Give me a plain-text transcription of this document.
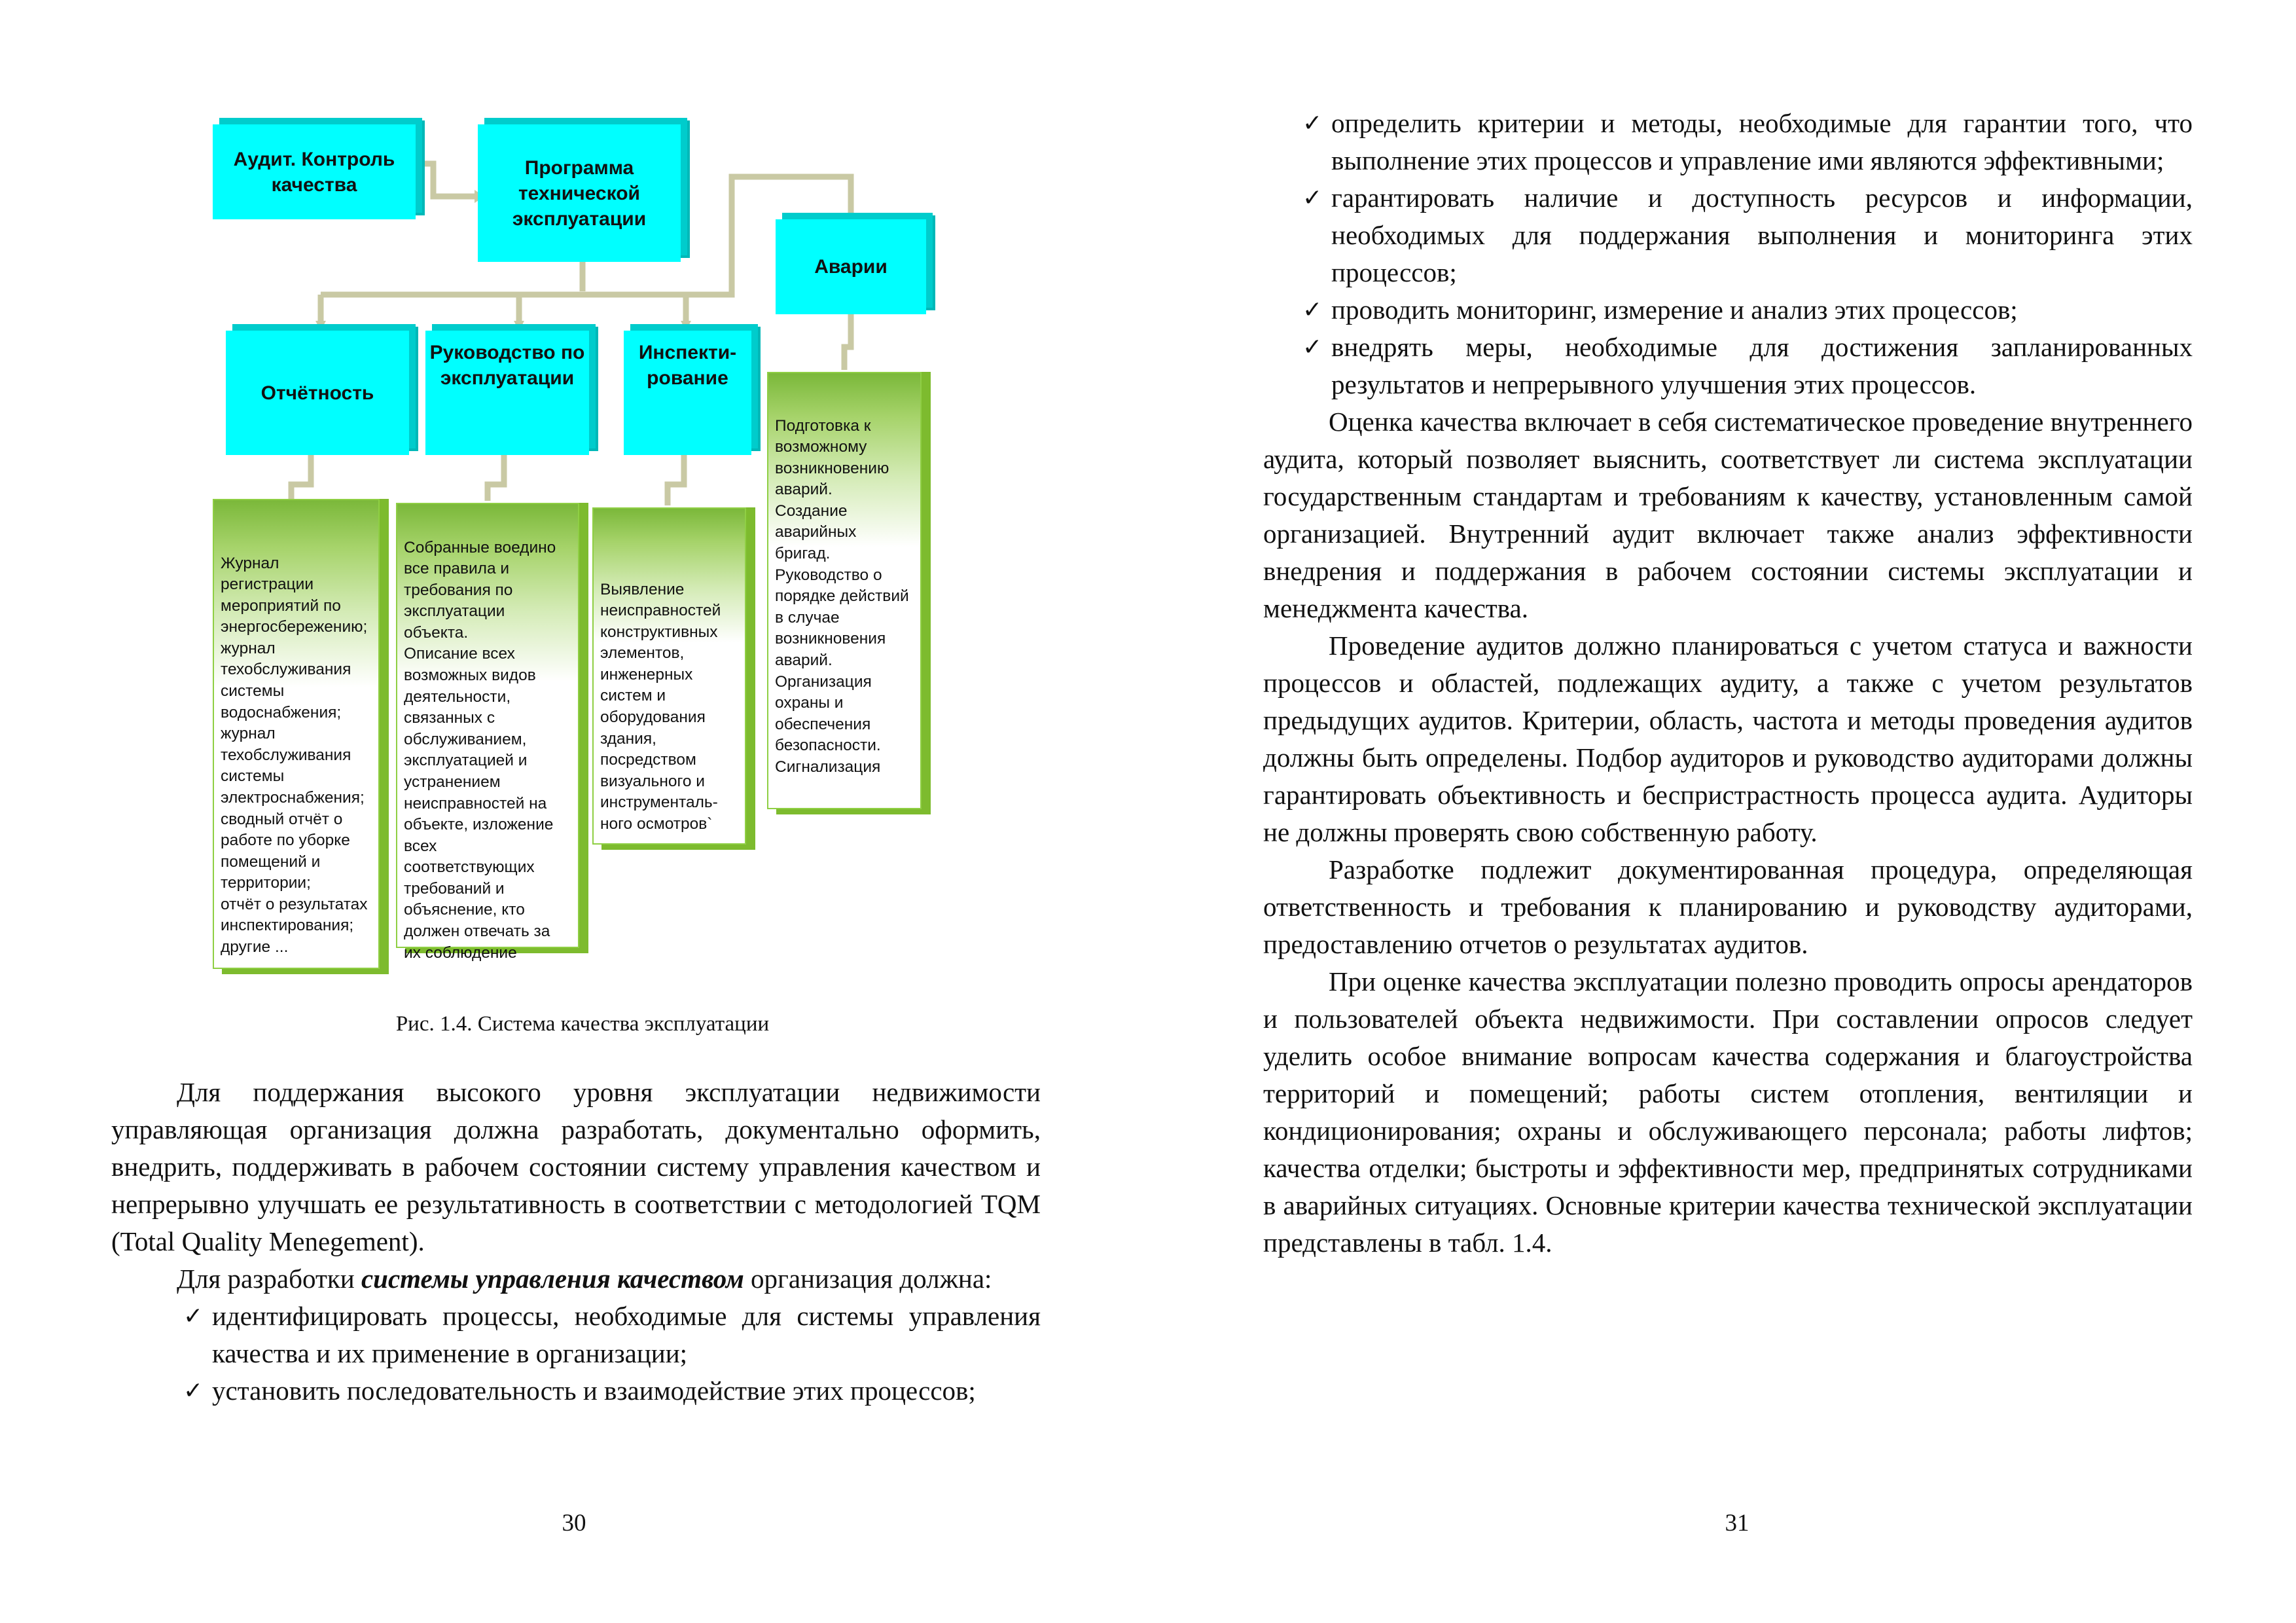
Аудит. Контроль качества
Программа технической эксплуатации
Аварии
Отчётность
Руководство по эксплуатации
Инспекти-рование

Журнал регистрации мероприятий по энергосбережению;
журнал техобслуживания системы водоснабжения;
журнал техобслуживания системы электроснабжения;
сводный отчёт о работе по уборке помещений и территории;
отчёт о результатах инспектирования;
другие ...

Собранные воедино все правила и требования по эксплуатации объекта.
Описание всех возможных видов деятельности, связанных с обслуживанием, эксплуатацией и устранением неисправностей на объекте, изложение всех соответствующих требований и объяснение, кто должен отвечать за их соблюдение

Выявление неисправностей конструктивных элементов, инженерных систем и оборудования здания, посредством визуального и инструменталь-ного осмотров`

Подготовка к возможному возникновению аварий.
Создание аварийных бригад.
Руководство о порядке действий в случае возникновения аварий.
Организация охраны и обеспечения безопасности.
Сигнализация

Рис. 1.4. Система качества эксплуатации

Для поддержания высокого уровня эксплуатации недвижимости управляющая организация должна разработать, документально оформить, внедрить, поддерживать в рабочем состоянии систему управления качеством и непрерывно улучшать ее результативность в соответствии с методологией TQM (Total Quality Menegement).

Для разработки системы управления качеством организация должна:

✓ идентифицировать процессы, необходимые для системы управления качества и их применение в организации;
✓ установить последовательность и взаимодействие этих процессов;
30
✓ определить критерии и методы, необходимые для гарантии того, что выполнение этих процессов и управление ими являются эффективными;
✓ гарантировать наличие и доступность ресурсов и информации, необходимых для поддержания выполнения и мониторинга этих процессов;
✓ проводить мониторинг, измерение и анализ этих процессов;
✓ внедрять меры, необходимые для достижения запланированных результатов и непрерывного улучшения этих процессов.

Оценка качества включает в себя систематическое проведение внутреннего аудита, который позволяет выяснить, соответствует ли система эксплуатации государственным стандартам и требованиям к качеству, установленным самой организацией. Внутренний аудит включает также анализ эффективности внедрения и поддержания в рабочем состоянии системы эксплуатации и менеджмента качества.

Проведение аудитов должно планироваться с учетом статуса и важности процессов и областей, подлежащих аудиту, а также с учетом результатов предыдущих аудитов. Критерии, область, частота и методы проведения аудитов должны быть определены. Подбор аудиторов и руководство аудиторами должны гарантировать объективность и беспристрастность процесса аудита. Аудиторы не должны проверять свою собственную работу.

Разработке подлежит документированная процедура, определяющая ответственность и требования к планированию и руководству аудиторами, предоставлению отчетов о результатах аудитов.

При оценке качества эксплуатации полезно проводить опросы арендаторов и пользователей объекта недвижимости. При составлении опросов следует уделить особое внимание вопросам качества содержания и благоустройства территорий и помещений; работы систем отопления, вентиляции и кондиционирования; охраны и обслуживающего персонала; работы лифтов; качества отделки; быстроты и эффективности мер, предпринятых сотрудниками в аварийных ситуациях. Основные критерии качества технической эксплуатации представлены в табл. 1.4.

31
